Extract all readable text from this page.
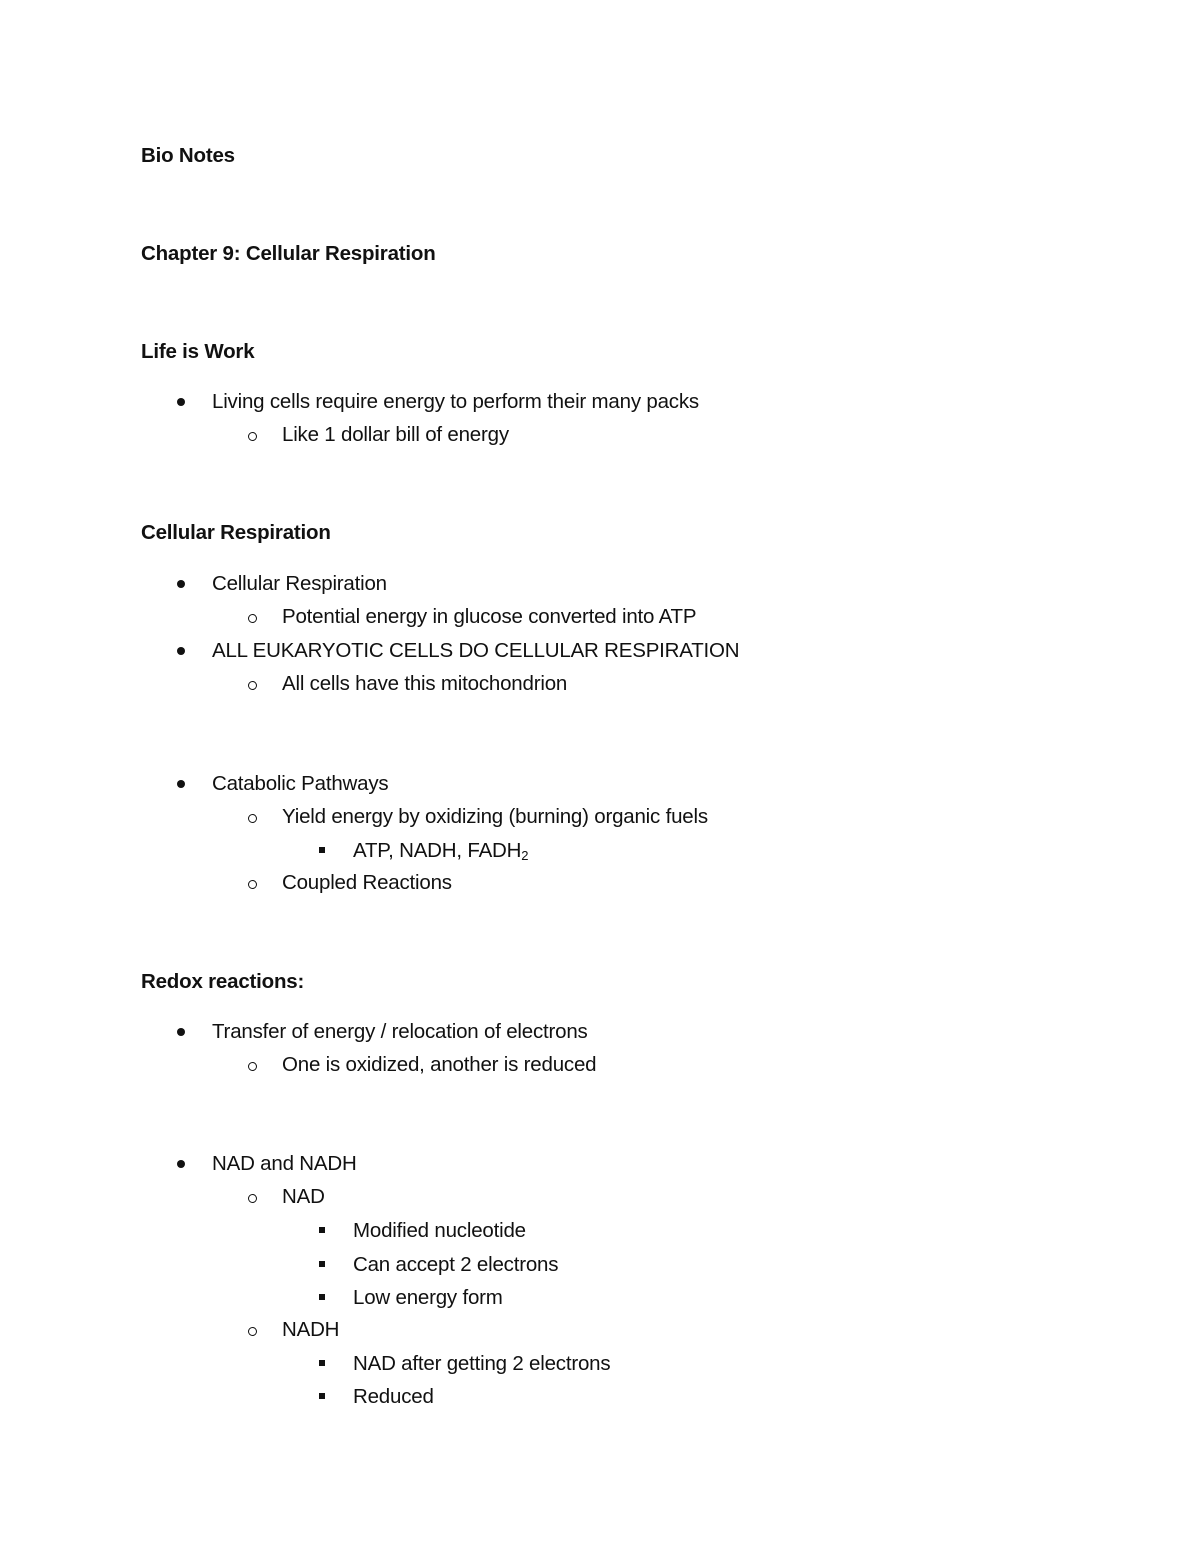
Bio Notes
Chapter 9: Cellular Respiration
Life is Work
Living cells require energy to perform their many packs
Like 1 dollar bill of energy
Cellular Respiration
Cellular Respiration
Potential energy in glucose converted into ATP
ALL EUKARYOTIC CELLS DO CELLULAR RESPIRATION
All cells have this mitochondrion
Catabolic Pathways
Yield energy by oxidizing (burning) organic fuels
ATP, NADH, $FADH_2$
Coupled Reactions
Redox reactions:
Transfer of energy / relocation of electrons
One is oxidized, another is reduced
NAD and NADH
NAD
Modified nucleotide
Can accept 2 electrons
Low energy form
NADH
NAD after getting 2 electrons
Reduced
